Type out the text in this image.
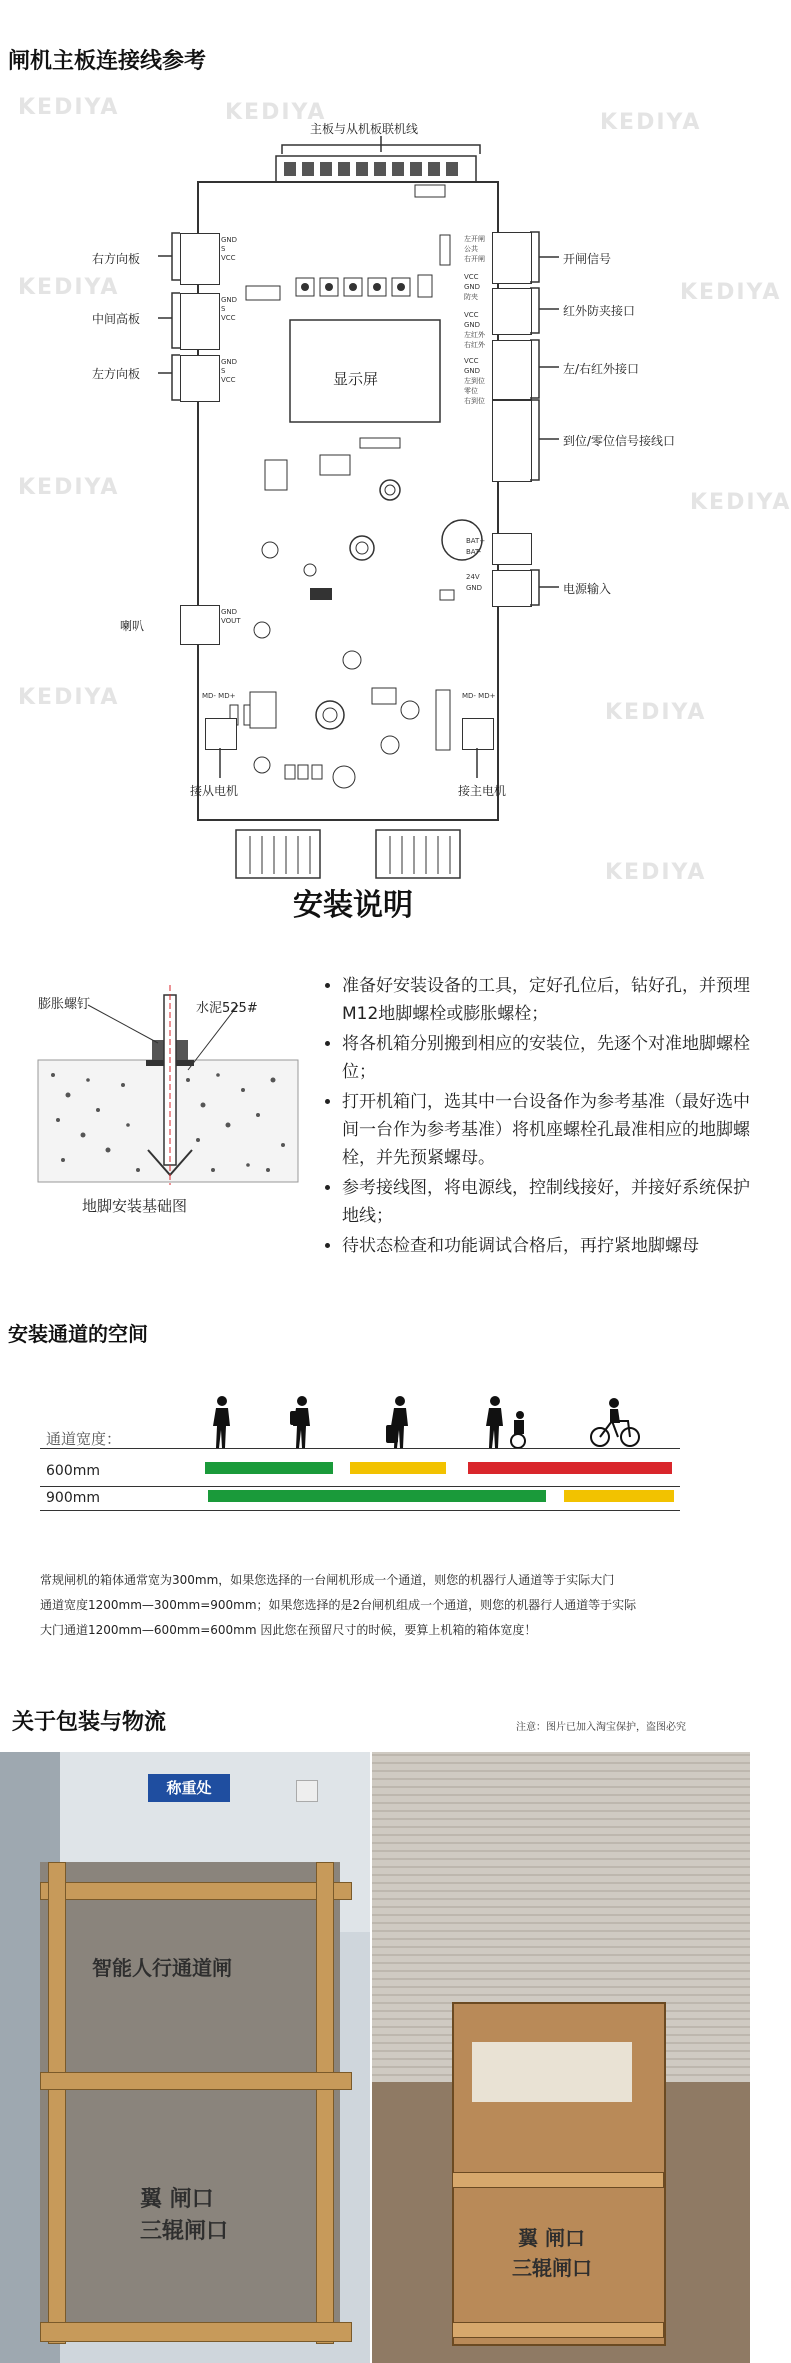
闸机主板连接线参考
KEDIYA	KEDIYA	KEDIYA
KEDIYA	KEDIYA
KEDIYA
KEDIYA
KEDIYA
KEDIYA
KEDIYA
主板与从机板联机线
GND
S
VCC
GND
S
VCC
GND
S
VCC
GND
VOUT
左开闸
公共
右开闸
VCC
GND
防夹
VCC
GND
左红外
右红外
VCC
GND
左到位
零位
右到位
BAT+
BAT-
24V
GND
MD- MD+	MD- MD+
显示屏
右方向板
中间高板
左方向板
喇叭
开闸信号
红外防夹接口
左/右红外接口
到位/零位信号接线口
电源输入
接从电机	接主电机
安装说明
膨胀螺钉	水泥525#
地脚安装基础图
• 准备好安装设备的工具，定好孔位后，钻好孔，并预埋M12地脚螺栓或膨胀螺栓；
• 将各机箱分别搬到相应的安装位，先逐个对准地脚螺栓位；
• 打开机箱门，选其中一台设备作为参考基准（最好选中间一台作为参考基准）将机座螺栓孔最准相应的地脚螺栓，并先预紧螺母。
• 参考接线图，将电源线，控制线接好，并接好系统保护地线；
• 待状态检查和功能调试合格后，再拧紧地脚螺母
安装通道的空间
通道宽度：
600mm
900mm
常规闸机的箱体通常宽为300mm，如果您选择的一台闸机形成一个通道，则您的机器行人通道等于实际大门
通道宽度1200mm—300mm=900mm；如果您选择的是2台闸机组成一个通道，则您的机器行人通道等于实际
大门通道1200mm—600mm=600mm 因此您在预留尺寸的时候，要算上机箱的箱体宽度！
关于包装与物流	注意：图片已加入淘宝保护，盗图必究
称重处
智能人行通道闸
翼 闸口
三辊闸口	翼 闸口
三辊闸口
